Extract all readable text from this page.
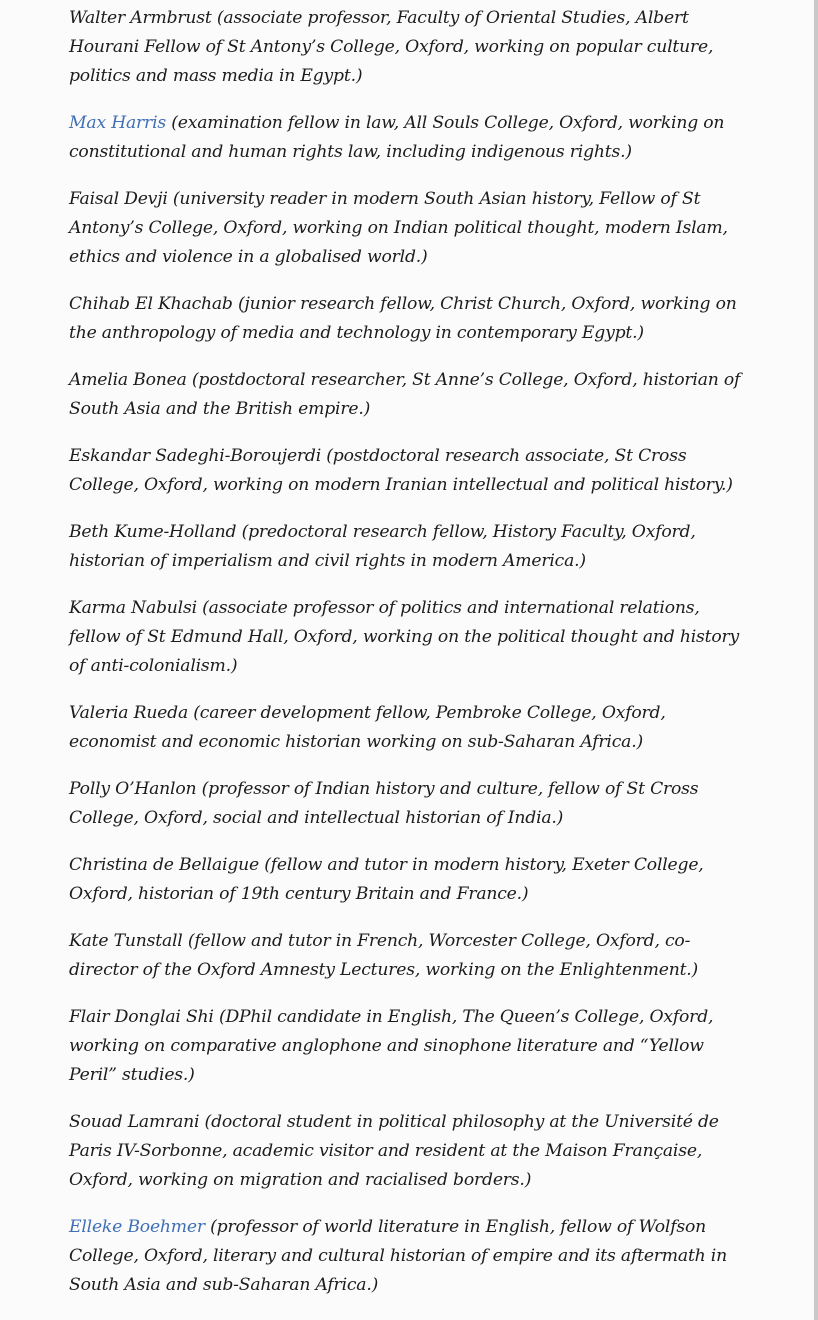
Walter Armbrust (associate professor, Faculty of Oriental Studies, Albert Hourani Fellow of St Antony’s College, Oxford, working on popular culture, politics and mass media in Egypt.)

Max Harris (examination fellow in law, All Souls College, Oxford, working on constitutional and human rights law, including indigenous rights.)

Faisal Devji (university reader in modern South Asian history, Fellow of St Antony’s College, Oxford, working on Indian political thought, modern Islam, ethics and violence in a globalised world.)

Chihab El Khachab (junior research fellow, Christ Church, Oxford, working on the anthropology of media and technology in contemporary Egypt.)

Amelia Bonea (postdoctoral researcher, St Anne’s College, Oxford, historian of South Asia and the British empire.)

Eskandar Sadeghi-Boroujerdi (postdoctoral research associate, St Cross College, Oxford, working on modern Iranian intellectual and political history.)

Beth Kume-Holland (predoctoral research fellow, History Faculty, Oxford, historian of imperialism and civil rights in modern America.)

Karma Nabulsi (associate professor of politics and international relations, fellow of St Edmund Hall, Oxford, working on the political thought and history of anti-colonialism.)

Valeria Rueda (career development fellow, Pembroke College, Oxford, economist and economic historian working on sub-Saharan Africa.)

Polly O’Hanlon (professor of Indian history and culture, fellow of St Cross College, Oxford, social and intellectual historian of India.)

Christina de Bellaigue (fellow and tutor in modern history, Exeter College, Oxford, historian of 19th century Britain and France.)

Kate Tunstall (fellow and tutor in French, Worcester College, Oxford, co-director of the Oxford Amnesty Lectures, working on the Enlightenment.)

Flair Donglai Shi (DPhil candidate in English, The Queen’s College, Oxford, working on comparative anglophone and sinophone literature and “Yellow Peril” studies.)

Souad Lamrani (doctoral student in political philosophy at the Université de Paris IV-Sorbonne, academic visitor and resident at the Maison Française, Oxford, working on migration and racialised borders.)

Elleke Boehmer (professor of world literature in English, fellow of Wolfson College, Oxford, literary and cultural historian of empire and its aftermath in South Asia and sub-Saharan Africa.)
